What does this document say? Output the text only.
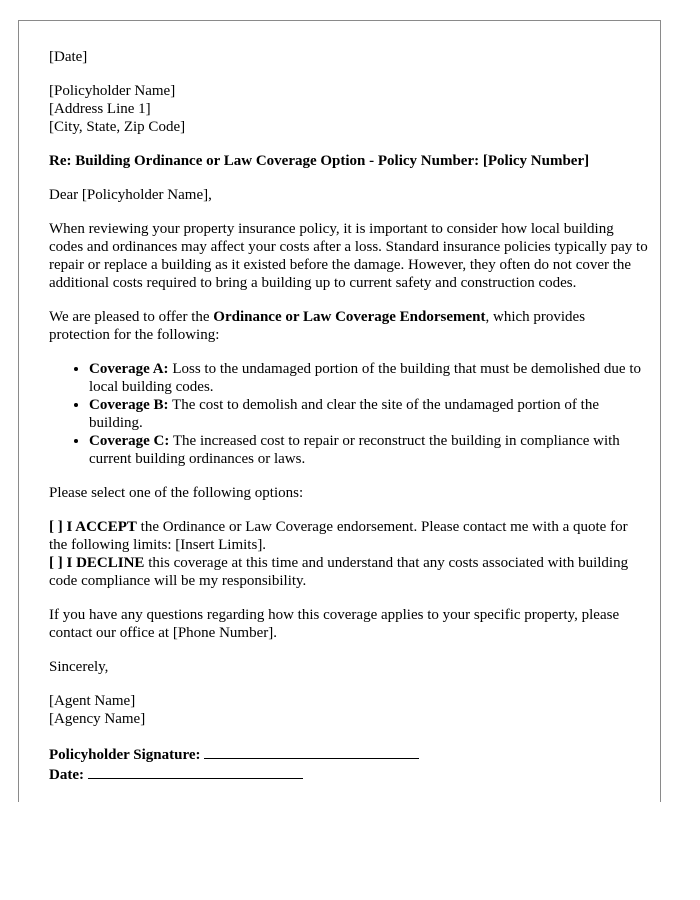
[Date]

[Policyholder Name]

[Address Line 1]

[City, State, Zip Code]

Re: Building Ordinance or Law Coverage Option - Policy Number: [Policy Number]

Dear [Policyholder Name],

When reviewing your property insurance policy, it is important to consider how local building codes and ordinances may affect your costs after a loss. Standard insurance policies typically pay to repair or replace a building as it existed before the damage. However, they often do not cover the additional costs required to bring a building up to current safety and construction codes.

We are pleased to offer the Ordinance or Law Coverage Endorsement, which provides protection for the following:

• Coverage A: Loss to the undamaged portion of the building that must be demolished due to local building codes.
• Coverage B: The cost to demolish and clear the site of the undamaged portion of the building.
• Coverage C: The increased cost to repair or reconstruct the building in compliance with current building ordinances or laws.

Please select one of the following options:

[ ] I ACCEPT the Ordinance or Law Coverage endorsement. Please contact me with a quote for the following limits: [Insert Limits].

[ ] I DECLINE this coverage at this time and understand that any costs associated with building code compliance will be my responsibility.

If you have any questions regarding how this coverage applies to your specific property, please contact our office at [Phone Number].

Sincerely,

[Agent Name]

[Agency Name]

Policyholder Signature:

Date:
